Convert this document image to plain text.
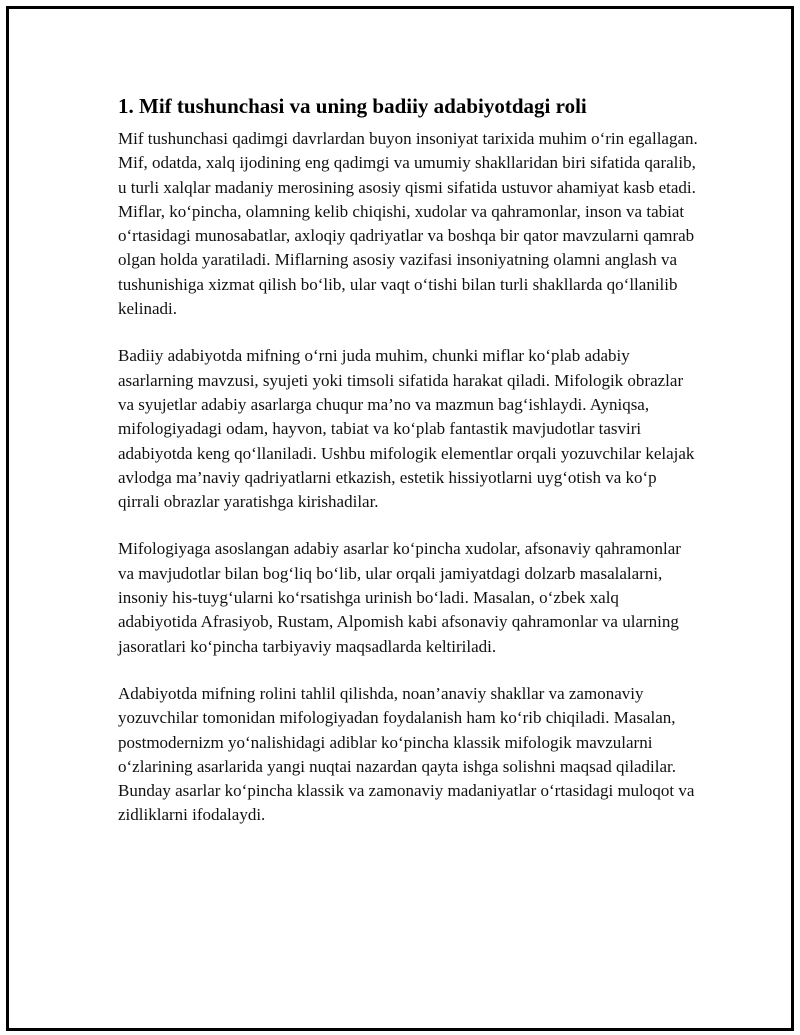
1. Mif tushunchasi va uning badiiy adabiyotdagi roli

Mif tushunchasi qadimgi davrlardan buyon insoniyat tarixida muhim o‘rin egallagan. Mif, odatda, xalq ijodining eng qadimgi va umumiy shakllaridan biri sifatida qaralib, u turli xalqlar madaniy merosining asosiy qismi sifatida ustuvor ahamiyat kasb etadi. Miflar, ko‘pincha, olamning kelib chiqishi, xudolar va qahramonlar, inson va tabiat o‘rtasidagi munosabatlar, axloqiy qadriyatlar va boshqa bir qator mavzularni qamrab olgan holda yaratiladi. Miflarning asosiy vazifasi insoniyatning olamni anglash va tushunishiga xizmat qilish bo‘lib, ular vaqt o‘tishi bilan turli shakllarda qo‘llanilib kelinadi.

Badiiy adabiyotda mifning o‘rni juda muhim, chunki miflar ko‘plab adabiy asarlarning mavzusi, syujeti yoki timsoli sifatida harakat qiladi. Mifologik obrazlar va syujetlar adabiy asarlarga chuqur ma’no va mazmun bag‘ishlaydi. Ayniqsa, mifologiyadagi odam, hayvon, tabiat va ko‘plab fantastik mavjudotlar tasviri adabiyotda keng qo‘llaniladi. Ushbu mifologik elementlar orqali yozuvchilar kelajak avlodga ma’naviy qadriyatlarni etkazish, estetik hissiyotlarni uyg‘otish va ko‘p qirrali obrazlar yaratishga kirishadilar.

Mifologiyaga asoslangan adabiy asarlar ko‘pincha xudolar, afsonaviy qahramonlar va mavjudotlar bilan bog‘liq bo‘lib, ular orqali jamiyatdagi dolzarb masalalarni, insoniy his-tuyg‘ularni ko‘rsatishga urinish bo‘ladi. Masalan, o‘zbek xalq adabiyotida Afrasiyob, Rustam, Alpomish kabi afsonaviy qahramonlar va ularning jasoratlari ko‘pincha tarbiyaviy maqsadlarda keltiriladi.

Adabiyotda mifning rolini tahlil qilishda, noan’anaviy shakllar va zamonaviy yozuvchilar tomonidan mifologiyadan foydalanish ham ko‘rib chiqiladi. Masalan, postmodernizm yo‘nalishidagi adiblar ko‘pincha klassik mifologik mavzularni o‘zlarining asarlarida yangi nuqtai nazardan qayta ishga solishni maqsad qiladilar. Bunday asarlar ko‘pincha klassik va zamonaviy madaniyatlar o‘rtasidagi muloqot va zidliklarni ifodalaydi.
